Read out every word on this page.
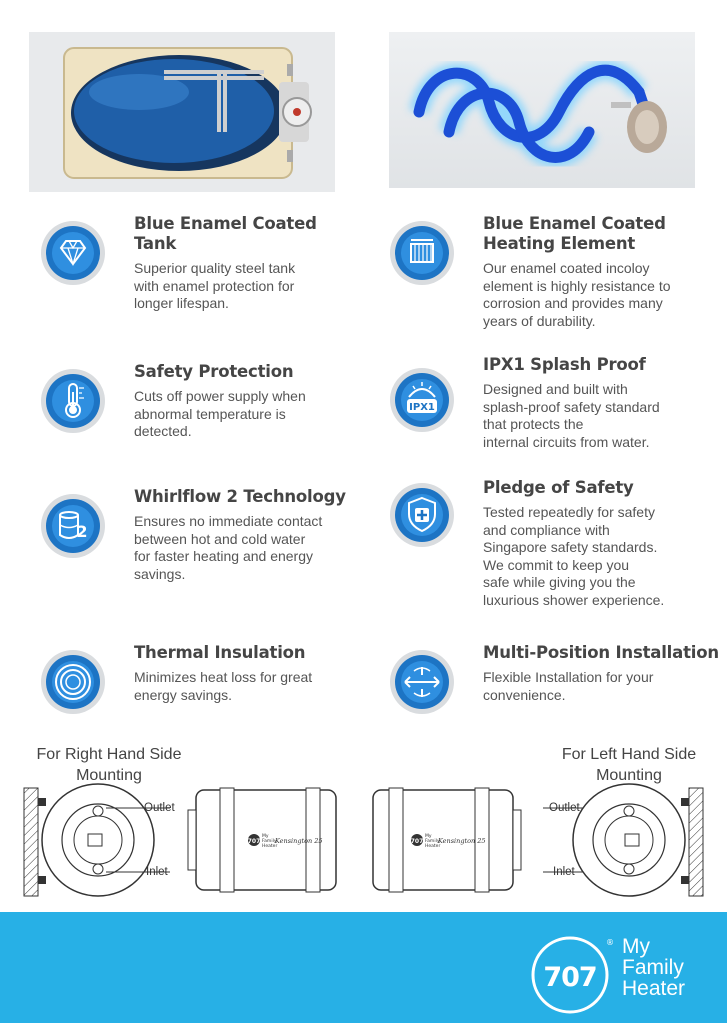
Blue Enamel Coated
Tank

Superior quality steel tank
with enamel protection for
longer lifespan.

Blue Enamel Coated
Heating Element

Our enamel coated incoloy
element is highly resistance to
corrosion and provides many
years of durability.

Safety Protection

Cuts off power supply when
abnormal temperature is
detected.

IPX1
IPX1 Splash Proof

Designed and built with
splash-proof safety standard
that protects the
internal circuits from water.

2
Whirlflow 2 Technology

Ensures no immediate contact
between hot and cold water
for faster heating and energy
savings.

Pledge of Safety

Tested repeatedly for safety
and compliance with
Singapore safety standards.
We commit to keep you
safe while giving you the
luxurious shower experience.

Thermal Insulation

Minimizes heat loss for great
energy savings.

Multi-Position Installation

Flexible Installation for your
convenience.

For Right Hand Side
Mounting
For Left Hand Side
Mounting
707
My
Family
Heater
Kensington 25
Outlet
Inlet
707
My
Family
Heater
Kensington 25
Outlet
Inlet
707
® My
Family
Heater
